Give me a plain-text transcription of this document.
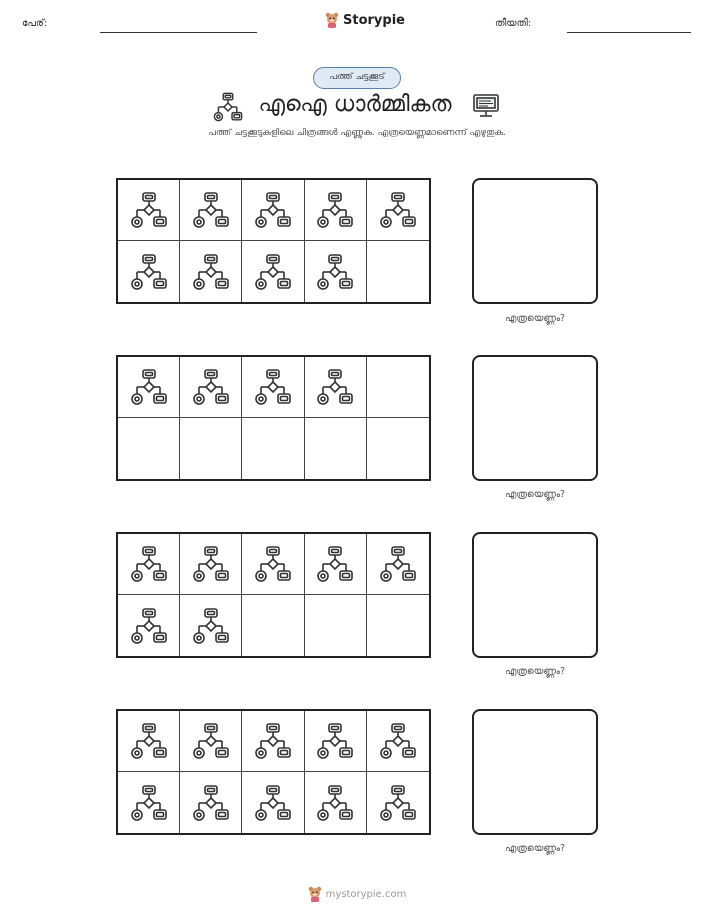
പേര്:	Storypie	തീയതി:
പത്ത് ചട്ടക്കൂട്
എഐ ധാർമ്മികത
പത്ത് ചട്ടക്കൂടുകളിലെ ചിത്രങ്ങൾ എണ്ണുക. എത്രയെണ്ണമാണെന്ന് എഴുതുക.
എത്രയെണ്ണം?
എത്രയെണ്ണം?
എത്രയെണ്ണം?
എത്രയെണ്ണം?
mystorypie.com
